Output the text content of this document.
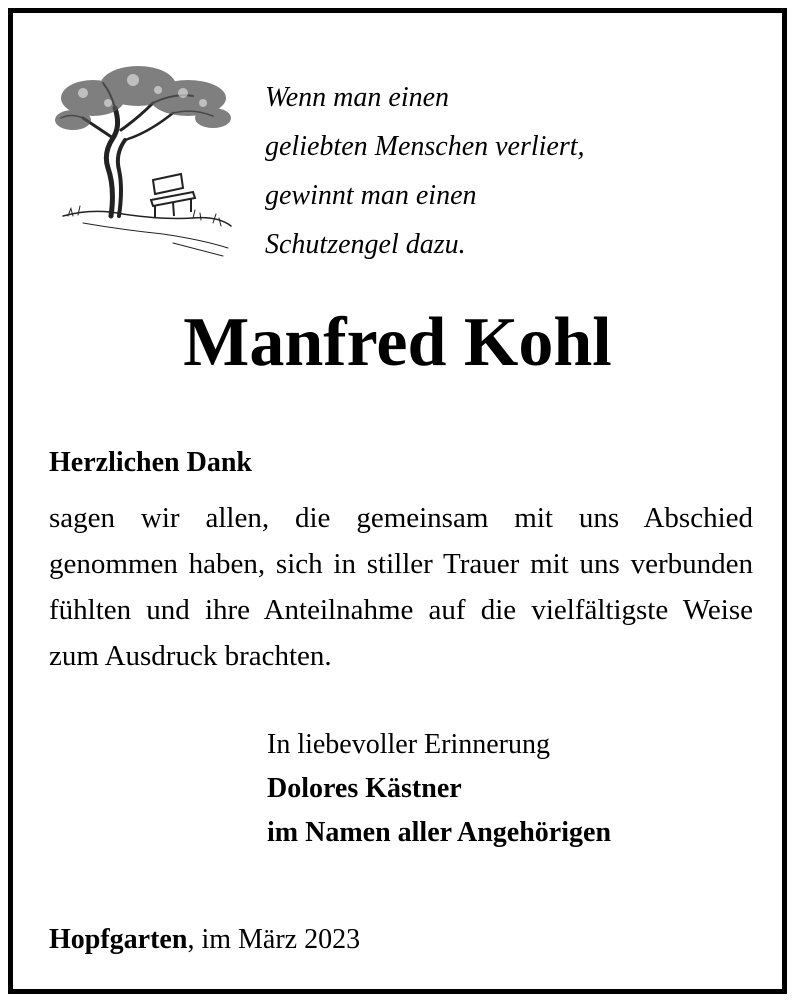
Wenn man einen
geliebten Menschen verliert,
gewinnt man einen
Schutzengel dazu.
Manfred Kohl
Herzlichen Dank
sagen wir allen, die gemeinsam mit uns Abschied genommen haben, sich in stiller Trauer mit uns verbunden fühlten und ihre Anteilnahme auf die vielfältigste Weise zum Ausdruck brachten.
In liebevoller Erinnerung
Dolores Kästner
im Namen aller Angehörigen
Hopfgarten, im März 2023
